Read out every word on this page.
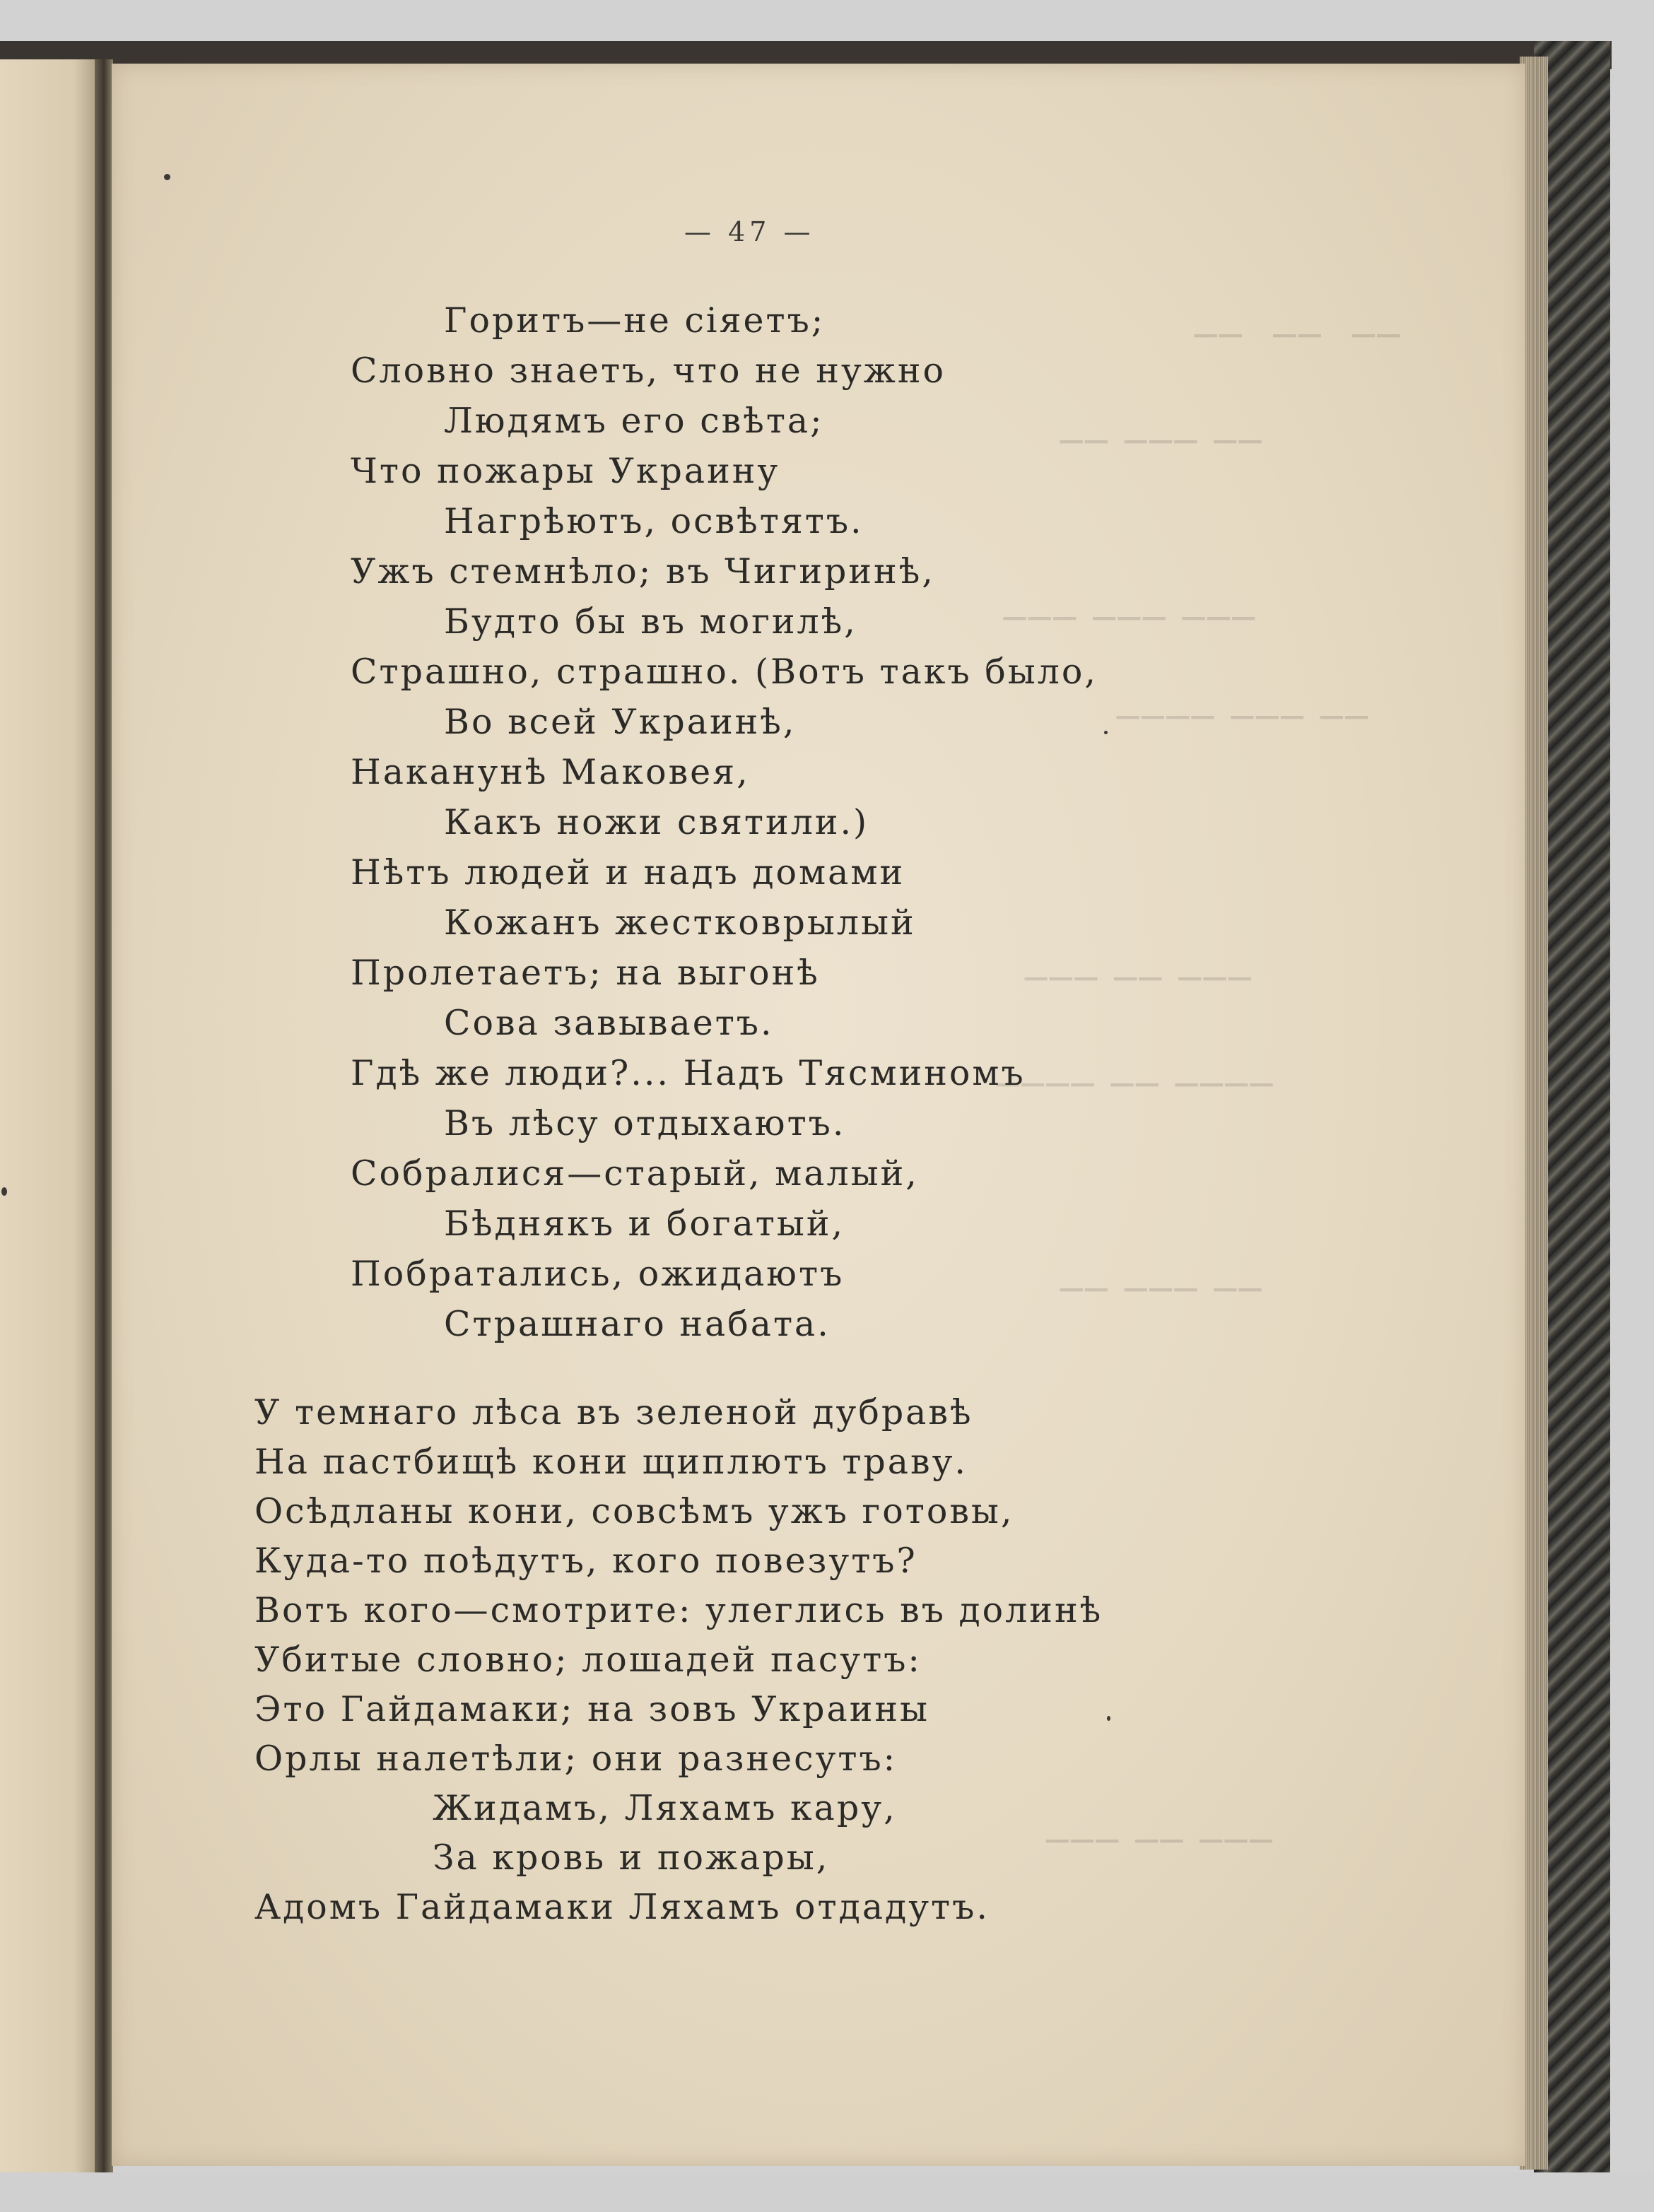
──  ──  ──
── ─── ──
─── ─── ───
──── ─── ──
─── ── ───
──── ── ────
── ─── ──
─── ── ───
— 47 —
Горитъ—не сіяетъ;
Словно знаетъ, что не нужно
Людямъ его свѣта;
Что пожары Украину
Нагрѣютъ, освѣтятъ.
Ужъ стемнѣло; въ Чигиринѣ,
Будто бы въ могилѣ,
Страшно, страшно. (Вотъ такъ было,
Во всей Украинѣ,
Наканунѣ Маковея,
Какъ ножи святили.)
Нѣтъ людей и надъ домами
Кожанъ жестковрылый
Пролетаетъ; на выгонѣ
Сова завываетъ.
Гдѣ же люди?... Надъ Тясминомъ
Въ лѣсу отдыхаютъ.
Собралися—старый, малый,
Бѣднякъ и богатый,
Побратались, ожидаютъ
Страшнаго набата.
У темнаго лѣса въ зеленой дубравѣ
На пастбищѣ кони щиплютъ траву.
Осѣдланы кони, совсѣмъ ужъ готовы,
Куда-то поѣдутъ, кого повезутъ?
Вотъ кого—смотрите: улеглись въ долинѣ
Убитые словно; лошадей пасутъ:
Это Гайдамаки; на зовъ Украины
Орлы налетѣли; они разнесутъ:
Жидамъ, Ляхамъ кару,
За кровь и пожары,
Адомъ Гайдамаки Ляхамъ отдадутъ.
